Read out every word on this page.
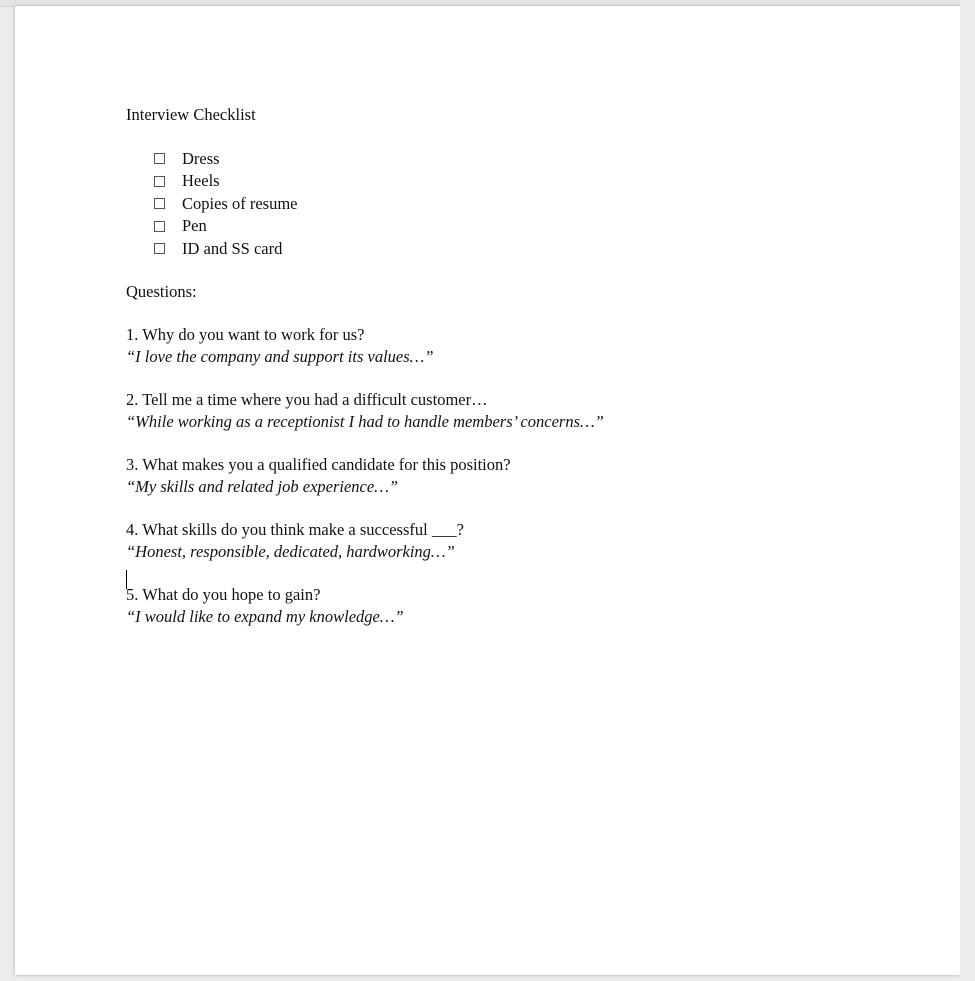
Interview Checklist

Dress
Heels
Copies of resume
Pen
ID and SS card
Questions:
1. Why do you want to work for us?
“I love the company and support its values…”
2. Tell me a time where you had a difficult customer…
“While working as a receptionist I had to handle members’ concerns…”
3. What makes you a qualified candidate for this position?
“My skills and related job experience…”
4. What skills do you think make a successful ___?
“Honest, responsible, dedicated, hardworking…”
5. What do you hope to gain?
“I would like to expand my knowledge…”
